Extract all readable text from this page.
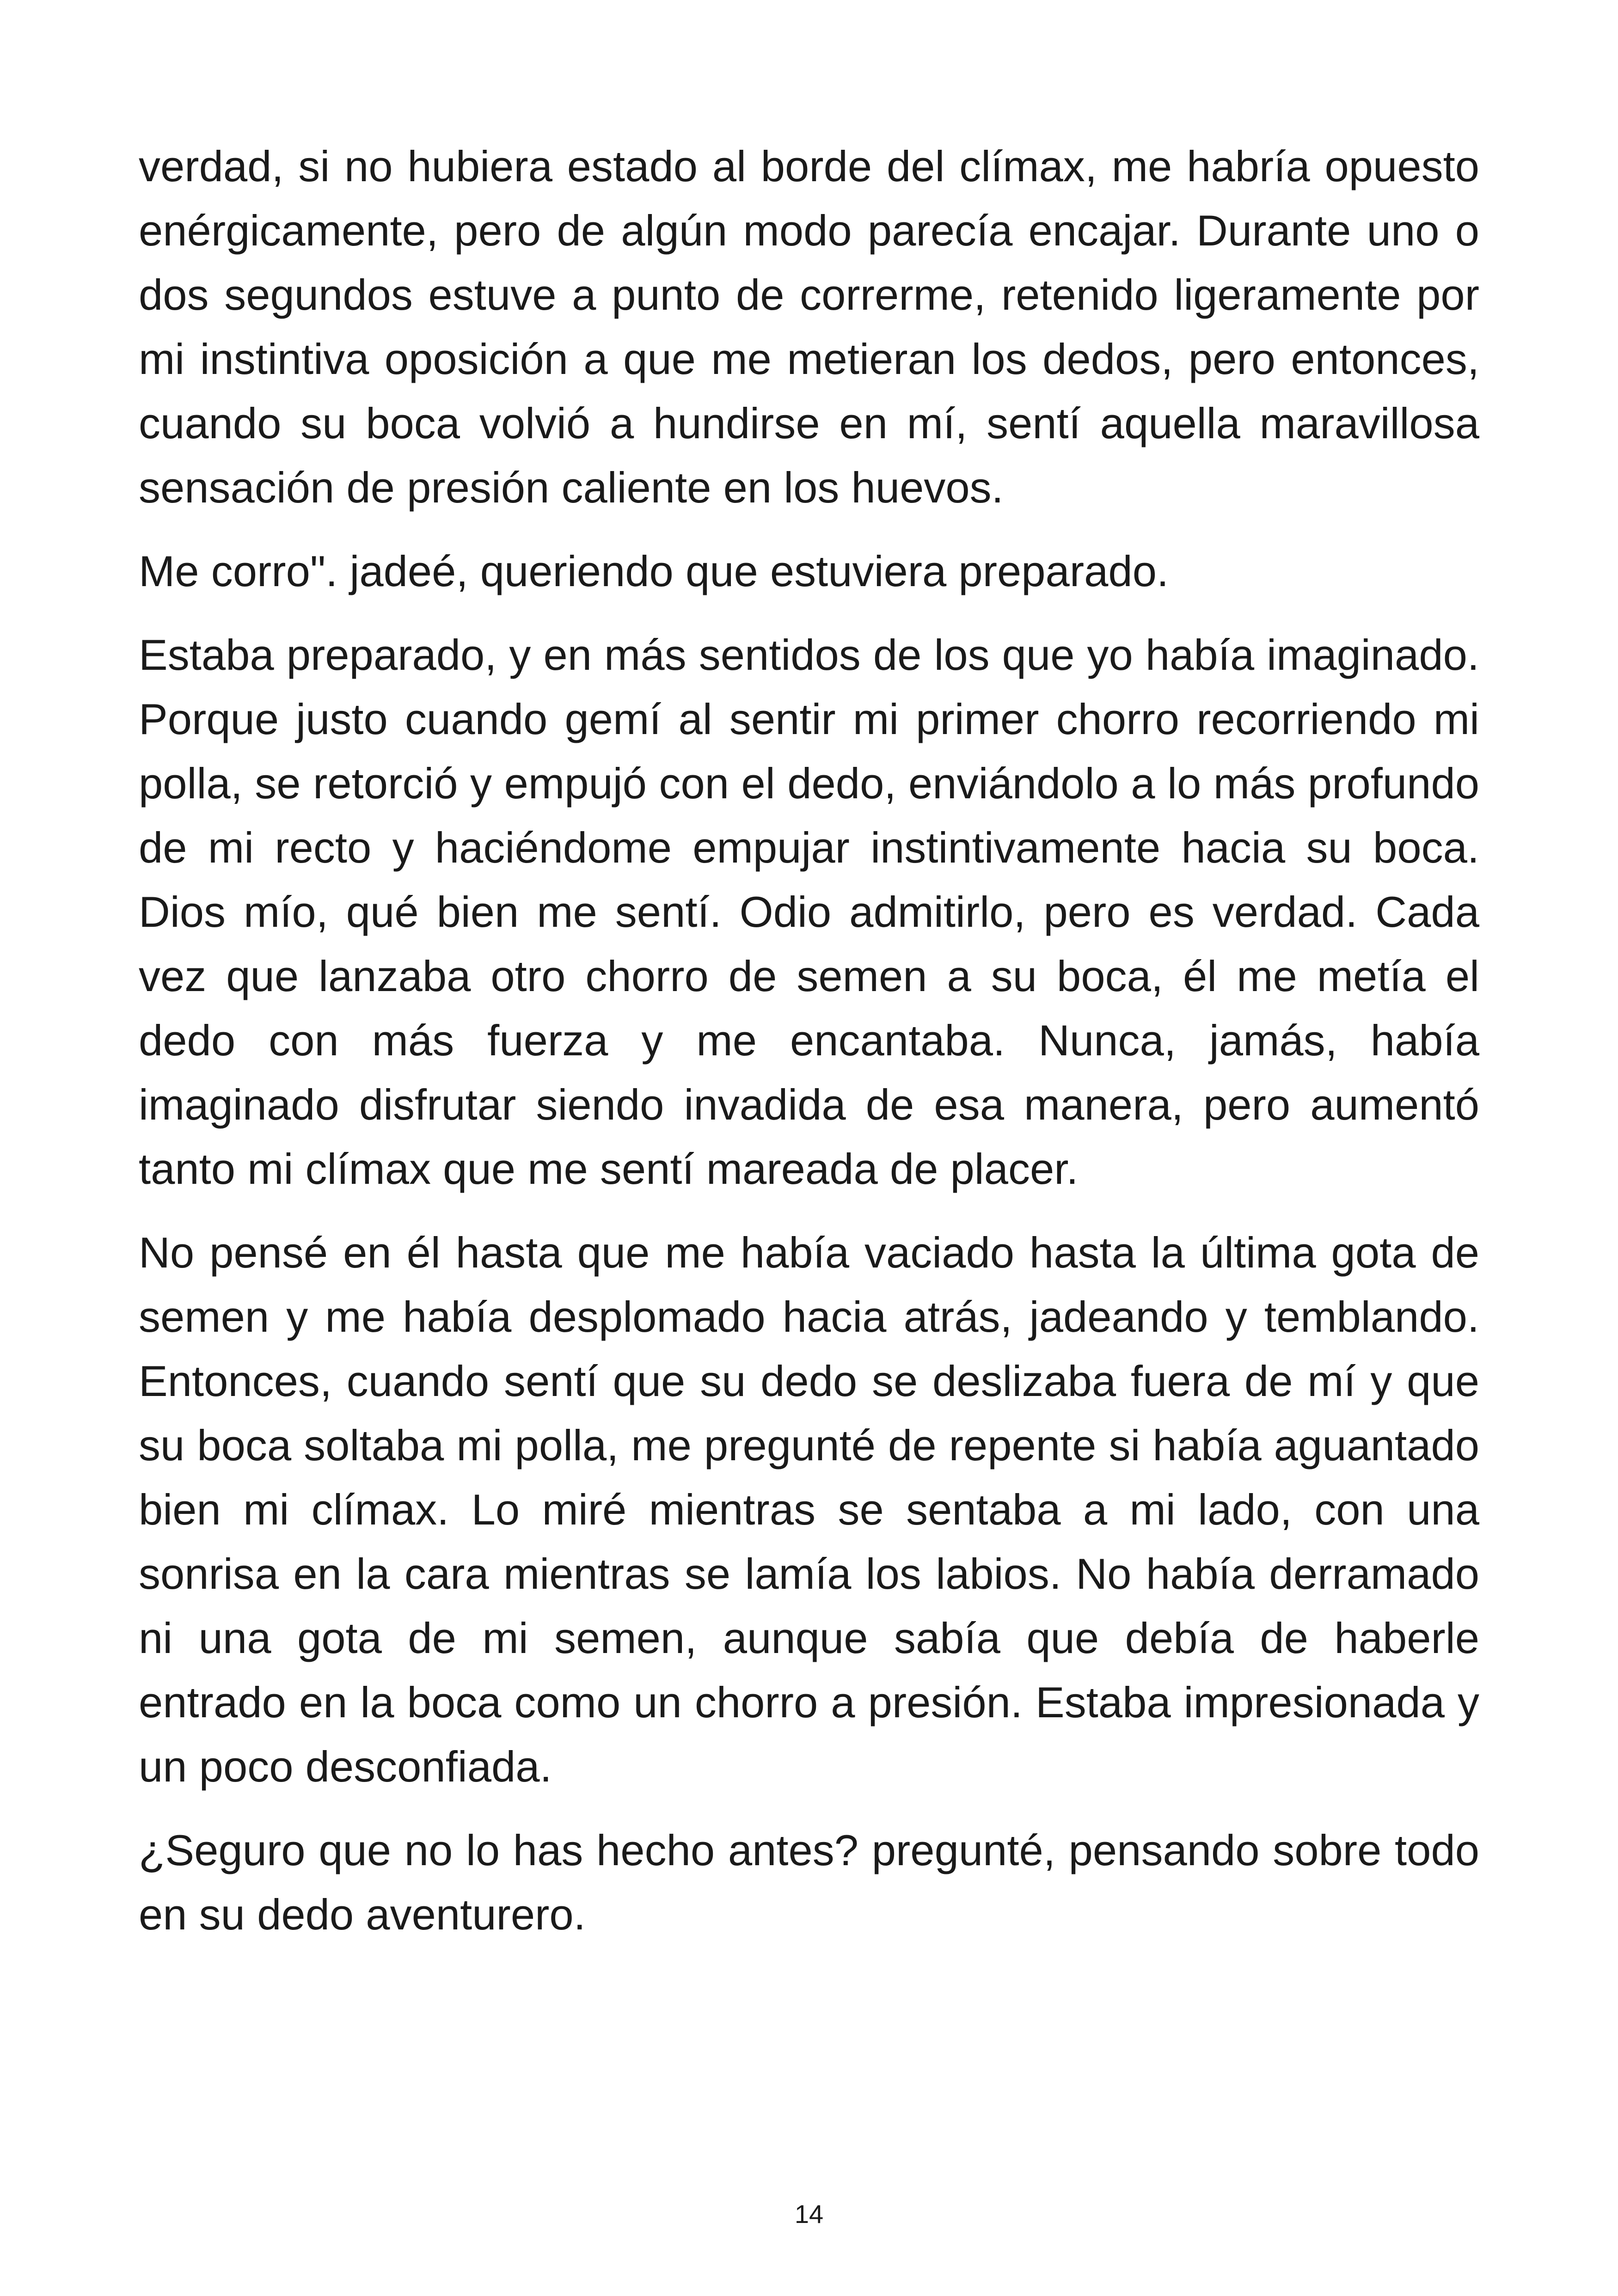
verdad, si no hubiera estado al borde del clímax, me habría opuesto enérgicamente, pero de algún modo parecía encajar. Durante uno o dos segundos estuve a punto de correrme, retenido ligeramente por mi instintiva oposición a que me metieran los dedos, pero entonces, cuando su boca volvió a hundirse en mí, sentí aquella maravillosa sensación de presión caliente en los huevos.

Me corro". jadeé, queriendo que estuviera preparado.

Estaba preparado, y en más sentidos de los que yo había imaginado. Porque justo cuando gemí al sentir mi primer chorro recorriendo mi polla, se retorció y empujó con el dedo, enviándolo a lo más profundo de mi recto y haciéndome empujar instintivamente hacia su boca. Dios mío, qué bien me sentí. Odio admitirlo, pero es verdad. Cada vez que lanzaba otro chorro de semen a su boca, él me metía el dedo con más fuerza y me encantaba. Nunca, jamás, había imaginado disfrutar siendo invadida de esa manera, pero aumentó tanto mi clímax que me sentí mareada de placer.

No pensé en él hasta que me había vaciado hasta la última gota de semen y me había desplomado hacia atrás, jadeando y temblando. Entonces, cuando sentí que su dedo se deslizaba fuera de mí y que su boca soltaba mi polla, me pregunté de repente si había aguantado bien mi clímax. Lo miré mientras se sentaba a mi lado, con una sonrisa en la cara mientras se lamía los labios. No había derramado ni una gota de mi semen, aunque sabía que debía de haberle entrado en la boca como un chorro a presión. Estaba impresionada y un poco desconfiada.

¿Seguro que no lo has hecho antes? pregunté, pensando sobre todo en su dedo aventurero.

14
